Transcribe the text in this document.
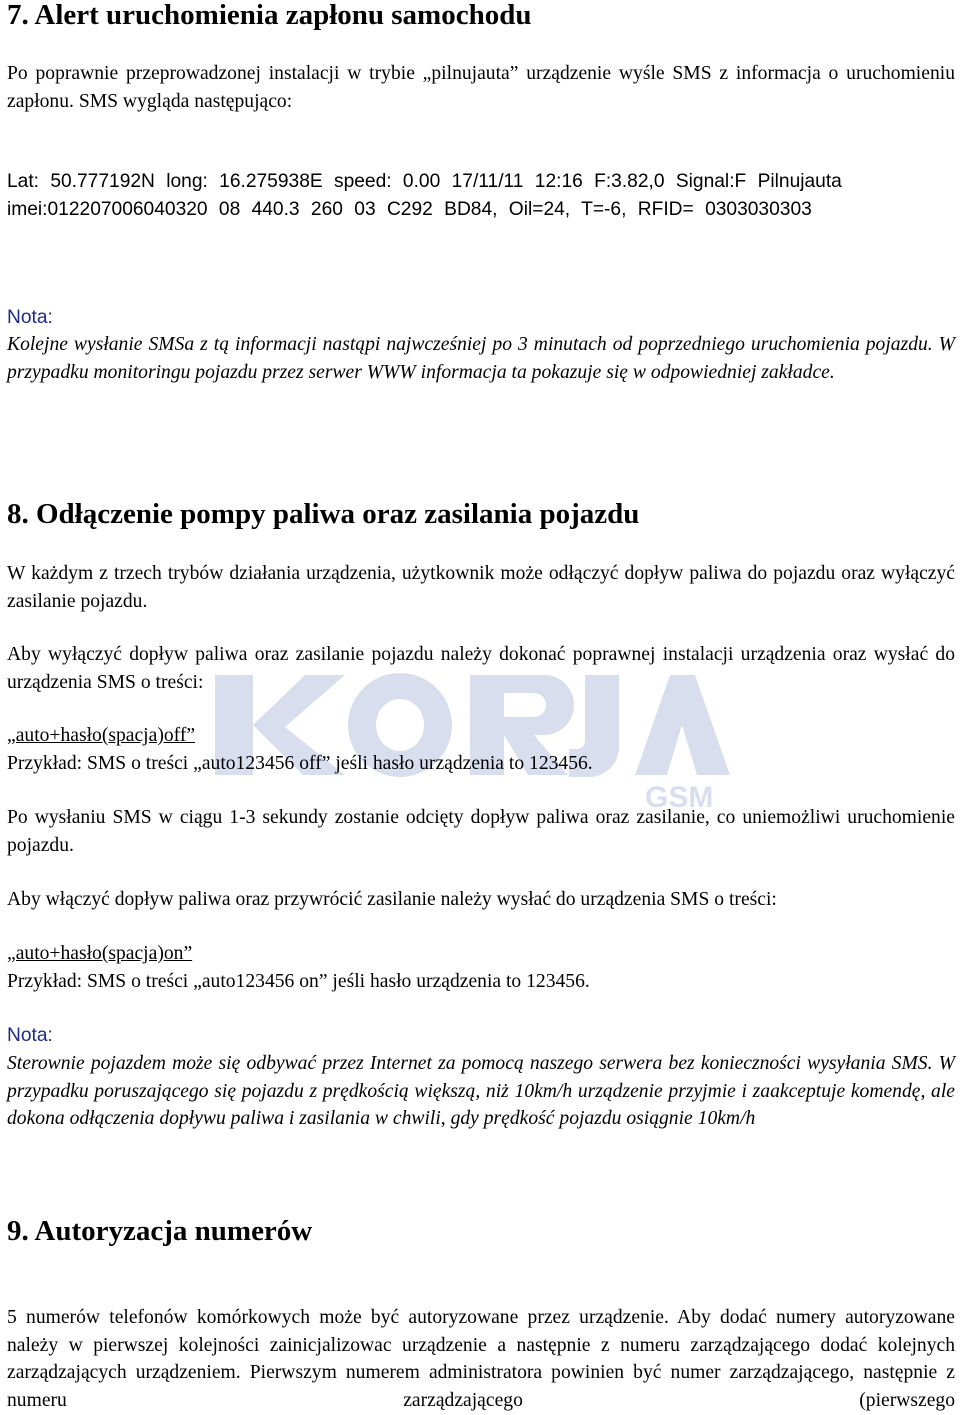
GSM
7. Alert uruchomienia zapłonu samochodu

Po poprawnie przeprowadzonej instalacji w trybie „pilnujauta” urządzenie wyśle SMS z informacja o uruchomieniu zapłonu. SMS wygląda następująco:

Lat: 50.777192N long: 16.275938E speed: 0.00 17/11/11 12:16 F:3.82,0 Signal:F Pilnujauta imei:012207006040320 08 440.3 260 03 C292 BD84, Oil=24, T=-6, RFID= 0303030303

Nota:

Kolejne wysłanie SMSa z tą informacji nastąpi najwcześniej po 3 minutach od poprzedniego uruchomienia pojazdu. W przypadku monitoringu pojazdu przez serwer WWW informacja ta pokazuje się w odpowiedniej zakładce.

8. Odłączenie pompy paliwa oraz zasilania pojazdu

W każdym z trzech trybów działania urządzenia, użytkownik może odłączyć dopływ paliwa do pojazdu oraz wyłączyć zasilanie pojazdu.

Aby wyłączyć dopływ paliwa oraz zasilanie pojazdu należy dokonać poprawnej instalacji urządzenia oraz wysłać do urządzenia SMS o treści:

„auto+hasło(spacja)off”

Przykład: SMS o treści „auto123456 off” jeśli hasło urządzenia to 123456.

Po wysłaniu SMS w ciągu 1-3 sekundy zostanie odcięty dopływ paliwa oraz zasilanie, co uniemożliwi uruchomienie pojazdu.

Aby włączyć dopływ paliwa oraz przywrócić zasilanie należy wysłać do urządzenia SMS o treści:

„auto+hasło(spacja)on”

Przykład: SMS o treści „auto123456 on” jeśli hasło urządzenia to 123456.

Nota:

Sterownie pojazdem może się odbywać przez Internet za pomocą naszego serwera bez konieczności wysyłania SMS. W przypadku poruszającego się pojazdu z prędkością większą, niż 10km/h urządzenie przyjmie i zaakceptuje komendę, ale dokona odłączenia dopływu paliwa i zasilania w chwili, gdy prędkość pojazdu osiągnie 10km/h

9. Autoryzacja numerów

5 numerów telefonów komórkowych może być autoryzowane przez urządzenie. Aby dodać numery autoryzowane należy w pierwszej kolejności zainicjalizowac urządzenie a następnie z numeru zarządzającego dodać kolejnych zarządzających urządzeniem. Pierwszym numerem administratora powinien być numer zarządzającego, następnie z numeru zarządzającego (pierwszego
